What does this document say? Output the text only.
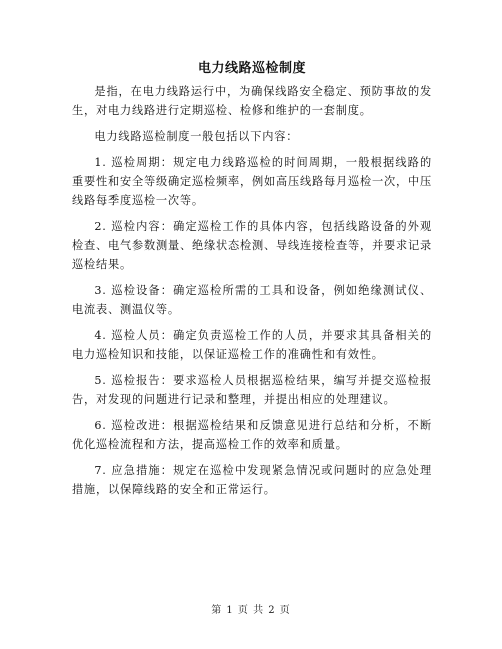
电力线路巡检制度

是指，在电力线路运行中，为确保线路安全稳定、预防事故的发生，对电力线路进行定期巡检、检修和维护的一套制度。

电力线路巡检制度一般包括以下内容：

1. 巡检周期：规定电力线路巡检的时间周期，一般根据线路的重要性和安全等级确定巡检频率，例如高压线路每月巡检一次，中压线路每季度巡检一次等。

2. 巡检内容：确定巡检工作的具体内容，包括线路设备的外观检查、电气参数测量、绝缘状态检测、导线连接检查等，并要求记录巡检结果。

3. 巡检设备：确定巡检所需的工具和设备，例如绝缘测试仪、电流表、测温仪等。

4. 巡检人员：确定负责巡检工作的人员，并要求其具备相关的电力巡检知识和技能，以保证巡检工作的准确性和有效性。

5. 巡检报告：要求巡检人员根据巡检结果，编写并提交巡检报告，对发现的问题进行记录和整理，并提出相应的处理建议。

6. 巡检改进：根据巡检结果和反馈意见进行总结和分析，不断优化巡检流程和方法，提高巡检工作的效率和质量。

7. 应急措施：规定在巡检中发现紧急情况或问题时的应急处理措施，以保障线路的安全和正常运行。

第 1 页 共 2 页
